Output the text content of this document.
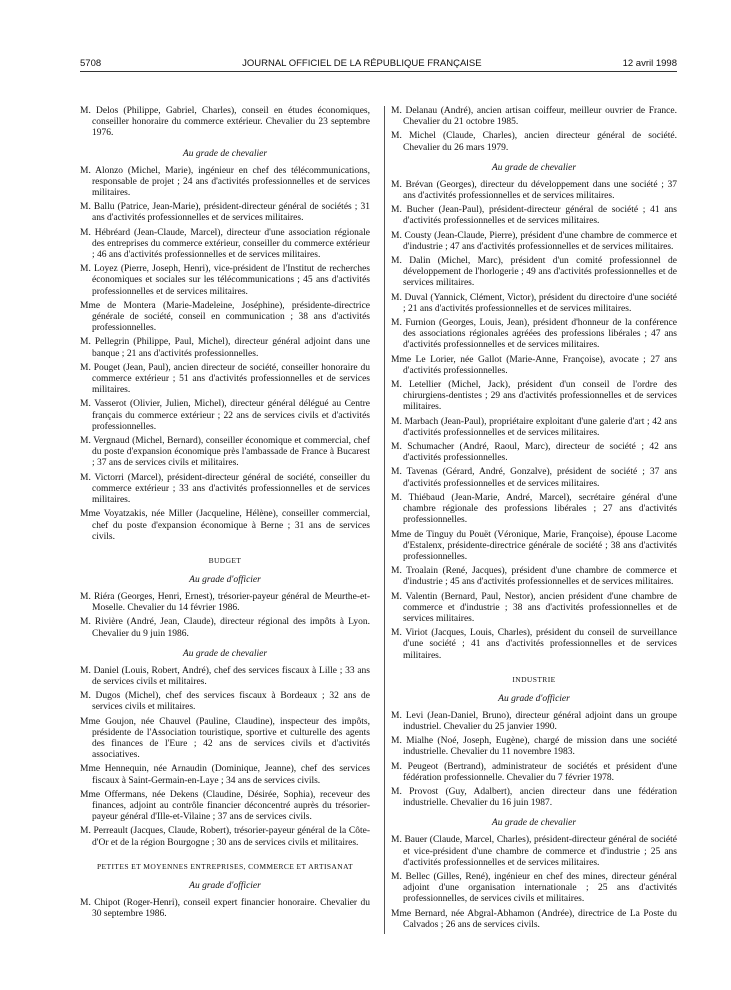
5708	JOURNAL OFFICIEL DE LA RÉPUBLIQUE FRANÇAISE	12 avril 1998
M. Delos (Philippe, Gabriel, Charles), conseil en études économiques, conseiller honoraire du commerce extérieur. Chevalier du 23 septembre 1976.
Au grade de chevalier
M. Alonzo (Michel, Marie), ingénieur en chef des télécommunications, responsable de projet ; 24 ans d'activités professionnelles et de services militaires.
M. Ballu (Patrice, Jean-Marie), président-directeur général de sociétés ; 31 ans d'activités professionnelles et de services militaires.
M. Hébréard (Jean-Claude, Marcel), directeur d'une association régionale des entreprises du commerce extérieur, conseiller du commerce extérieur ; 46 ans d'activités professionnelles et de services militaires.
M. Loyez (Pierre, Joseph, Henri), vice-président de l'Institut de recherches économiques et sociales sur les télécommunications ; 45 ans d'activités professionnelles et de services militaires.
Mme de Montera (Marie-Madeleine, Joséphine), présidente-directrice générale de société, conseil en communication ; 38 ans d'activités professionnelles.
M. Pellegrin (Philippe, Paul, Michel), directeur général adjoint dans une banque ; 21 ans d'activités professionnelles.
M. Pouget (Jean, Paul), ancien directeur de société, conseiller honoraire du commerce extérieur ; 51 ans d'activités professionnelles et de services militaires.
M. Vasserot (Olivier, Julien, Michel), directeur général délégué au Centre français du commerce extérieur ; 22 ans de services civils et d'activités professionnelles.
M. Vergnaud (Michel, Bernard), conseiller économique et commercial, chef du poste d'expansion économique près l'ambassade de France à Bucarest ; 37 ans de services civils et militaires.
M. Victorri (Marcel), président-directeur général de société, conseiller du commerce extérieur ; 33 ans d'activités professionnelles et de services militaires.
Mme Voyatzakis, née Miller (Jacqueline, Hélène), conseiller commercial, chef du poste d'expansion économique à Berne ; 31 ans de services civils.
BUDGET
Au grade d'officier
M. Riéra (Georges, Henri, Ernest), trésorier-payeur général de Meurthe-et-Moselle. Chevalier du 14 février 1986.
M. Rivière (André, Jean, Claude), directeur régional des impôts à Lyon. Chevalier du 9 juin 1986.
Au grade de chevalier
M. Daniel (Louis, Robert, André), chef des services fiscaux à Lille ; 33 ans de services civils et militaires.
M. Dugos (Michel), chef des services fiscaux à Bordeaux ; 32 ans de services civils et militaires.
Mme Goujon, née Chauvel (Pauline, Claudine), inspecteur des impôts, présidente de l'Association touristique, sportive et culturelle des agents des finances de l'Eure ; 42 ans de services civils et d'activités associatives.
Mme Hennequin, née Arnaudin (Dominique, Jeanne), chef des services fiscaux à Saint-Germain-en-Laye ; 34 ans de services civils.
Mme Offermans, née Dekens (Claudine, Désirée, Sophia), receveur des finances, adjoint au contrôle financier déconcentré auprès du trésorier-payeur général d'Ille-et-Vilaine ; 37 ans de services civils.
M. Perreault (Jacques, Claude, Robert), trésorier-payeur général de la Côte-d'Or et de la région Bourgogne ; 30 ans de services civils et militaires.
PETITES ET MOYENNES ENTREPRISES, COMMERCE ET ARTISANAT
Au grade d'officier
M. Chipot (Roger-Henri), conseil expert financier honoraire. Chevalier du 30 septembre 1986.
M. Delanau (André), ancien artisan coiffeur, meilleur ouvrier de France. Chevalier du 21 octobre 1985.
M. Michel (Claude, Charles), ancien directeur général de société. Chevalier du 26 mars 1979.
Au grade de chevalier
M. Brévan (Georges), directeur du développement dans une société ; 37 ans d'activités professionnelles et de services militaires.
M. Bucher (Jean-Paul), président-directeur général de société ; 41 ans d'activités professionnelles et de services militaires.
M. Cousty (Jean-Claude, Pierre), président d'une chambre de commerce et d'industrie ; 47 ans d'activités professionnelles et de services militaires.
M. Dalin (Michel, Marc), président d'un comité professionnel de développement de l'horlogerie ; 49 ans d'activités professionnelles et de services militaires.
M. Duval (Yannick, Clément, Victor), président du directoire d'une société ; 21 ans d'activités professionnelles et de services militaires.
M. Furnion (Georges, Louis, Jean), président d'honneur de la conférence des associations régionales agréées des professions libérales ; 47 ans d'activités professionnelles et de services militaires.
Mme Le Lorier, née Gallot (Marie-Anne, Françoise), avocate ; 27 ans d'activités professionnelles.
M. Letellier (Michel, Jack), président d'un conseil de l'ordre des chirurgiens-dentistes ; 29 ans d'activités professionnelles et de services militaires.
M. Marbach (Jean-Paul), propriétaire exploitant d'une galerie d'art ; 42 ans d'activités professionnelles et de services militaires.
M. Schumacher (André, Raoul, Marc), directeur de société ; 42 ans d'activités professionnelles.
M. Tavenas (Gérard, André, Gonzalve), président de société ; 37 ans d'activités professionnelles et de services militaires.
M. Thiébaud (Jean-Marie, André, Marcel), secrétaire général d'une chambre régionale des professions libérales ; 27 ans d'activités professionnelles.
Mme de Tinguy du Pouët (Véronique, Marie, Françoise), épouse Lacome d'Estalenx, présidente-directrice générale de société ; 38 ans d'activités professionnelles.
M. Troalain (René, Jacques), président d'une chambre de commerce et d'industrie ; 45 ans d'activités professionnelles et de services militaires.
M. Valentin (Bernard, Paul, Nestor), ancien président d'une chambre de commerce et d'industrie ; 38 ans d'activités professionnelles et de services militaires.
M. Viriot (Jacques, Louis, Charles), président du conseil de surveillance d'une société ; 41 ans d'activités professionnelles et de services militaires.
INDUSTRIE
Au grade d'officier
M. Levi (Jean-Daniel, Bruno), directeur général adjoint dans un groupe industriel. Chevalier du 25 janvier 1990.
M. Mialhe (Noé, Joseph, Eugène), chargé de mission dans une société industrielle. Chevalier du 11 novembre 1983.
M. Peugeot (Bertrand), administrateur de sociétés et président d'une fédération professionnelle. Chevalier du 7 février 1978.
M. Provost (Guy, Adalbert), ancien directeur dans une fédération industrielle. Chevalier du 16 juin 1987.
Au grade de chevalier
M. Bauer (Claude, Marcel, Charles), président-directeur général de société et vice-président d'une chambre de commerce et d'industrie ; 25 ans d'activités professionnelles et de services militaires.
M. Bellec (Gilles, René), ingénieur en chef des mines, directeur général adjoint d'une organisation internationale ; 25 ans d'activités professionnelles, de services civils et militaires.
Mme Bernard, née Abgral-Abhamon (Andrée), directrice de La Poste du Calvados ; 26 ans de services civils.
